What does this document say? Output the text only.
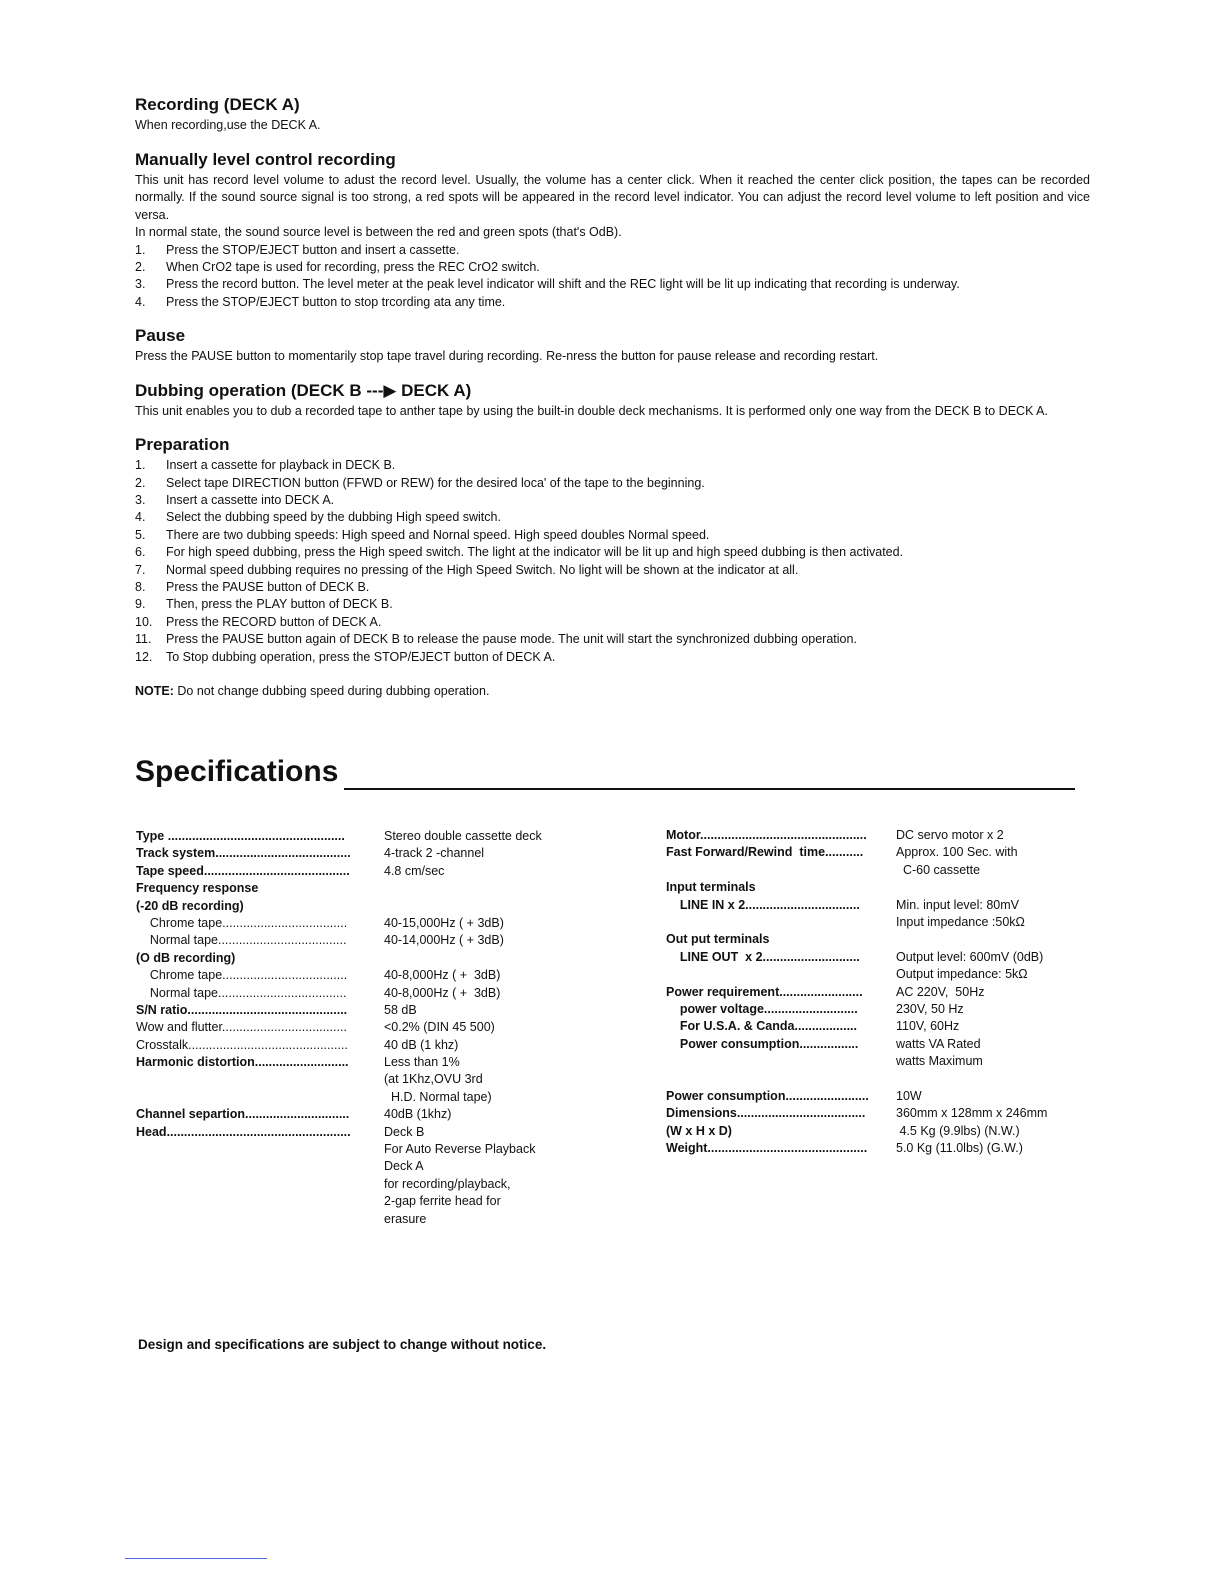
Recording (DECK A)

When recording,use the DECK A.

Manually level control recording

This unit has record level volume to adust the record level. Usually, the volume has a center click. When it reached the center click position, the tapes can be recorded normally. If the sound source signal is too strong, a red spots will be appeared in the record level indicator. You can adjust the record level volume to left position and vice versa.

In normal state, the sound source level is between the red and green spots (that's OdB).

1. Press the STOP/EJECT button and insert a cassette.
2. When CrO2 tape is used for recording, press the REC CrO2 switch.
3. Press the record button. The level meter at the peak level indicator will shift and the REC light will be lit up indicating that recording is underway.
4. Press the STOP/EJECT button to stop trcording ata any time.
Pause

Press the PAUSE button to momentarily stop tape travel during recording. Re-nress the button for pause release and recording restart.

Dubbing operation (DECK B ---▶ DECK A)

This unit enables you to dub a recorded tape to anther tape by using the built-in double deck mechanisms. It is performed only one way from the DECK B to DECK A.

Preparation
1. Insert a cassette for playback in DECK B.
2. Select tape DIRECTION button (FFWD or REW) for the desired loca' of the tape to the beginning.
3. Insert a cassette into DECK A.
4. Select the dubbing speed by the dubbing High speed switch.
5. There are two dubbing speeds: High speed and Nornal speed. High speed doubles Normal speed.
6. For high speed dubbing, press the High speed switch. The light at the indicator will be lit up and high speed dubbing is then activated.
7. Normal speed dubbing requires no pressing of the High Speed Switch. No light will be shown at the indicator at all.
8. Press the PAUSE button of DECK B.
9. Then, press the PLAY button of DECK B.
10. Press the RECORD button of DECK A.
11. Press the PAUSE button again of DECK B to release the pause mode. The unit will start the synchronized dubbing operation.
12. To Stop dubbing operation, press the STOP/EJECT button of DECK A.
NOTE: Do not change dubbing speed during dubbing operation.
Specifications
Type ...................................................	Stereo double cassette deck
Track system.......................................	4-track 2 -channel
Tape speed..........................................	4.8 cm/sec
Frequency response
(-20 dB recording)
Chrome tape....................................	40-15,000Hz ( + 3dB)
Normal tape.....................................	40-14,000Hz ( + 3dB)
(O dB recording)
Chrome tape....................................	40-8,000Hz ( +  3dB)
Normal tape.....................................	40-8,000Hz ( +  3dB)
S/N ratio..............................................	58 dB
Wow and flutter....................................	<0.2% (DIN 45 500)
Crosstalk..............................................	40 dB (1 khz)
Harmonic distortion...........................	Less than 1%
(at 1Khz,OVU 3rd
H.D. Normal tape)
Channel separtion..............................	40dB (1khz)
Head.....................................................	Deck B
For Auto Reverse Playback
Deck A
for recording/playback,
2-gap ferrite head for
erasure
Motor................................................ DC servo motor x 2
Fast Forward/Rewind  time...........	Approx. 100 Sec. with
C-60 cassette
Input terminals
LINE IN x 2.................................	Min. input level: 80mV
Input impedance :50kΩ
Out put terminals
LINE OUT  x 2............................	Output level: 600mV (0dB)
Output impedance: 5kΩ
Power requirement........................	AC 220V,  50Hz
power voltage...........................	230V, 50 Hz
For U.S.A. & Canda..................	110V, 60Hz
Power consumption.................	watts VA Rated
watts Maximum
Power consumption........................ 10W
Dimensions..................................... 360mm x 128mm x 246mm
(W x H x D)	4.5 Kg (9.9lbs) (N.W.)
Weight.............................................. 5.0 Kg (11.0lbs) (G.W.)
Design and specifications are subject to change without notice.
